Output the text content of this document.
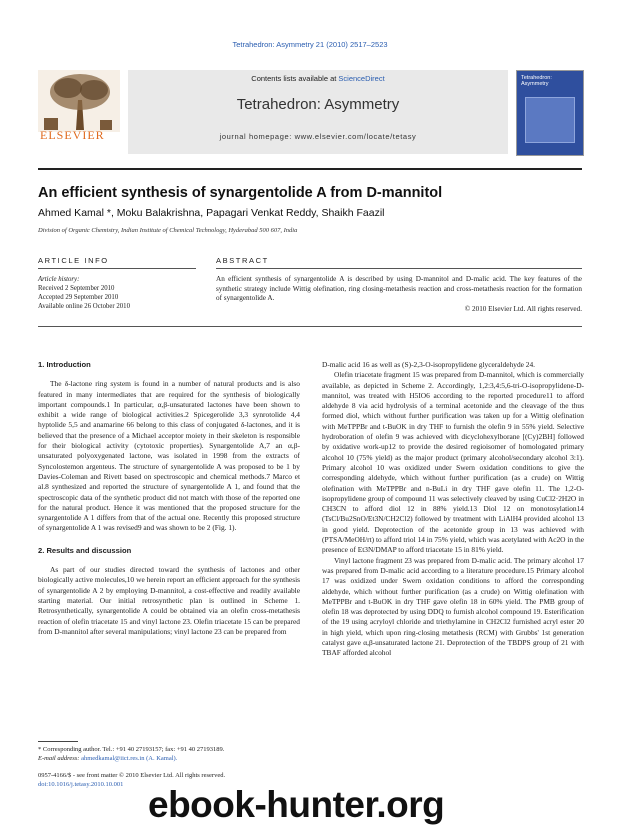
Tetrahedron: Asymmetry 21 (2010) 2517–2523
ELSEVIER
Contents lists available at ScienceDirect
Tetrahedron: Asymmetry
journal homepage: www.elsevier.com/locate/tetasy
Tetrahedron: Asymmetry
An efficient synthesis of synargentolide A from D-mannitol
Ahmed Kamal *, Moku Balakrishna, Papagari Venkat Reddy, Shaikh Faazil
Division of Organic Chemistry, Indian Institute of Chemical Technology, Hyderabad 500 607, India
ARTICLE INFO	ABSTRACT
Article history:
Received 2 September 2010
Accepted 29 September 2010
Available online 26 October 2010
An efficient synthesis of synargentolide A is described by using D-mannitol and D-malic acid. The key features of the synthetic strategy include Wittig olefination, ring closing-metathesis reaction and cross-metathesis reaction for the formation of synargentolide A.
© 2010 Elsevier Ltd. All rights reserved.
1. Introduction

The δ-lactone ring system is found in a number of natural products and is also featured in many intermediates that are required for the synthesis of biologically important compounds.1 In particular, α,β-unsaturated lactones have been shown to exhibit a wide range of biological activities.2 Spicegerolide 3,3 synrotolide 4,4 hyptolide 5,5 and anamarine 66 belong to this class of conjugated δ-lactones, and it is believed that the presence of a Michael acceptor moiety in their skeleton is responsible for their biological activity (cytotoxic properties). Synargentolide A,7 an α,β-unsaturated polyoxygenated lactone, was isolated in 1998 from the extracts of Syncolostemon argenteus. The structure of synargentolide A was proposed to be 1 by Davies-Coleman and Rivett based on spectroscopic and chemical methods.7 Marco et al.8 synthesized and reported the structure of synargentolide A 1, and found that the spectroscopic data of the synthetic product did not match with those of the reported one for the natural product. Hence it was mentioned that the proposed structure for the synargentolide A 1 differs from that of the actual one. Recently this proposed structure of synargentolide A 1 was revised9 and was shown to be 2 (Fig. 1).

2. Results and discussion

As part of our studies directed toward the synthesis of lactones and other biologically active molecules,10 we herein report an efficient approach for the synthesis of synargentolide A 2 by employing D-mannitol, a cost-effective and readily available starting material. Our initial retrosynthetic plan is outlined in Scheme 1. Retrosynthetically, synargentolide A could be obtained via an olefin cross-metathesis reaction of olefin triacetate 15 and vinyl lactone 23. Olefin triacetate 15 can be prepared from D-mannitol after several manipulations; vinyl lactone 23 can be prepared from

D-malic acid 16 as well as (S)-2,3-O-isopropylidene glyceraldehyde 24.

Olefin triacetate fragment 15 was prepared from D-mannitol, which is commercially available, as depicted in Scheme 2. Accordingly, 1,2:3,4:5,6-tri-O-isopropylidene-D-mannitol, was treated with H5IO6 according to the reported procedure11 to afford aldehyde 8 via acid hydrolysis of a terminal acetonide and the cleavage of the thus formed diol, which without further purification was taken up for a Wittig olefination with MeTPPBr and t-BuOK in dry THF to furnish the olefin 9 in 55% yield. Selective hydroboration of olefin 9 was achieved with dicyclohexylborane [(Cy)2BH] followed by oxidative work-up12 to provide the desired regioisomer of homologated primary alcohol 10 (75% yield) as the major product (primary alcohol/secondary alcohol 3:1). Primary alcohol 10 was oxidized under Swern oxidation conditions to give the corresponding aldehyde, which without further purification (as a crude) on Wittig olefination with MeTPPBr and n-BuLi in dry THF gave olefin 11. The 1,2-O-isopropylidene group of compound 11 was selectively cleaved by using CuCl2·2H2O in CH3CN to afford diol 12 in 88% yield.13 Diol 12 on monotosylation14 (TsCl/Bu2SnO/Et3N/CH2Cl2) followed by treatment with LiAlH4 provided alcohol 13 in good yield. Deprotection of the acetonide group in 13 was achieved with (PTSA/MeOH/rt) to afford triol 14 in 75% yield, which was acetylated with Ac2O in the presence of Et3N/DMAP to afford triacetate 15 in 81% yield.

Vinyl lactone fragment 23 was prepared from D-malic acid. The primary alcohol 17 was prepared from D-malic acid according to a literature procedure.15 Primary alcohol 17 was oxidized under Swern oxidation conditions to afford the corresponding aldehyde, which without further purification (as a crude) on Wittig olefination with MeTPPBr and t-BuOK in dry THF gave olefin 18 in 60% yield. The PMB group of olefin 18 was deprotected by using DDQ to furnish alcohol compound 19. Esterification of the 19 using acryloyl chloride and triethylamine in CH2Cl2 furnished acryl ester 20 in high yield, which upon ring-closing metathesis (RCM) with Grubbs' 1st generation catalyst gave α,β-unsaturated lactone 21. Deprotection of the TBDPS group of 21 with TBAF afforded alcohol

* Corresponding author. Tel.: +91 40 27193157; fax: +91 40 27193189.
E-mail address: ahmedkamal@iict.res.in (A. Kamal).
0957-4166/$ - see front matter © 2010 Elsevier Ltd. All rights reserved.
doi:10.1016/j.tetasy.2010.10.001 ebook-hunter.org
